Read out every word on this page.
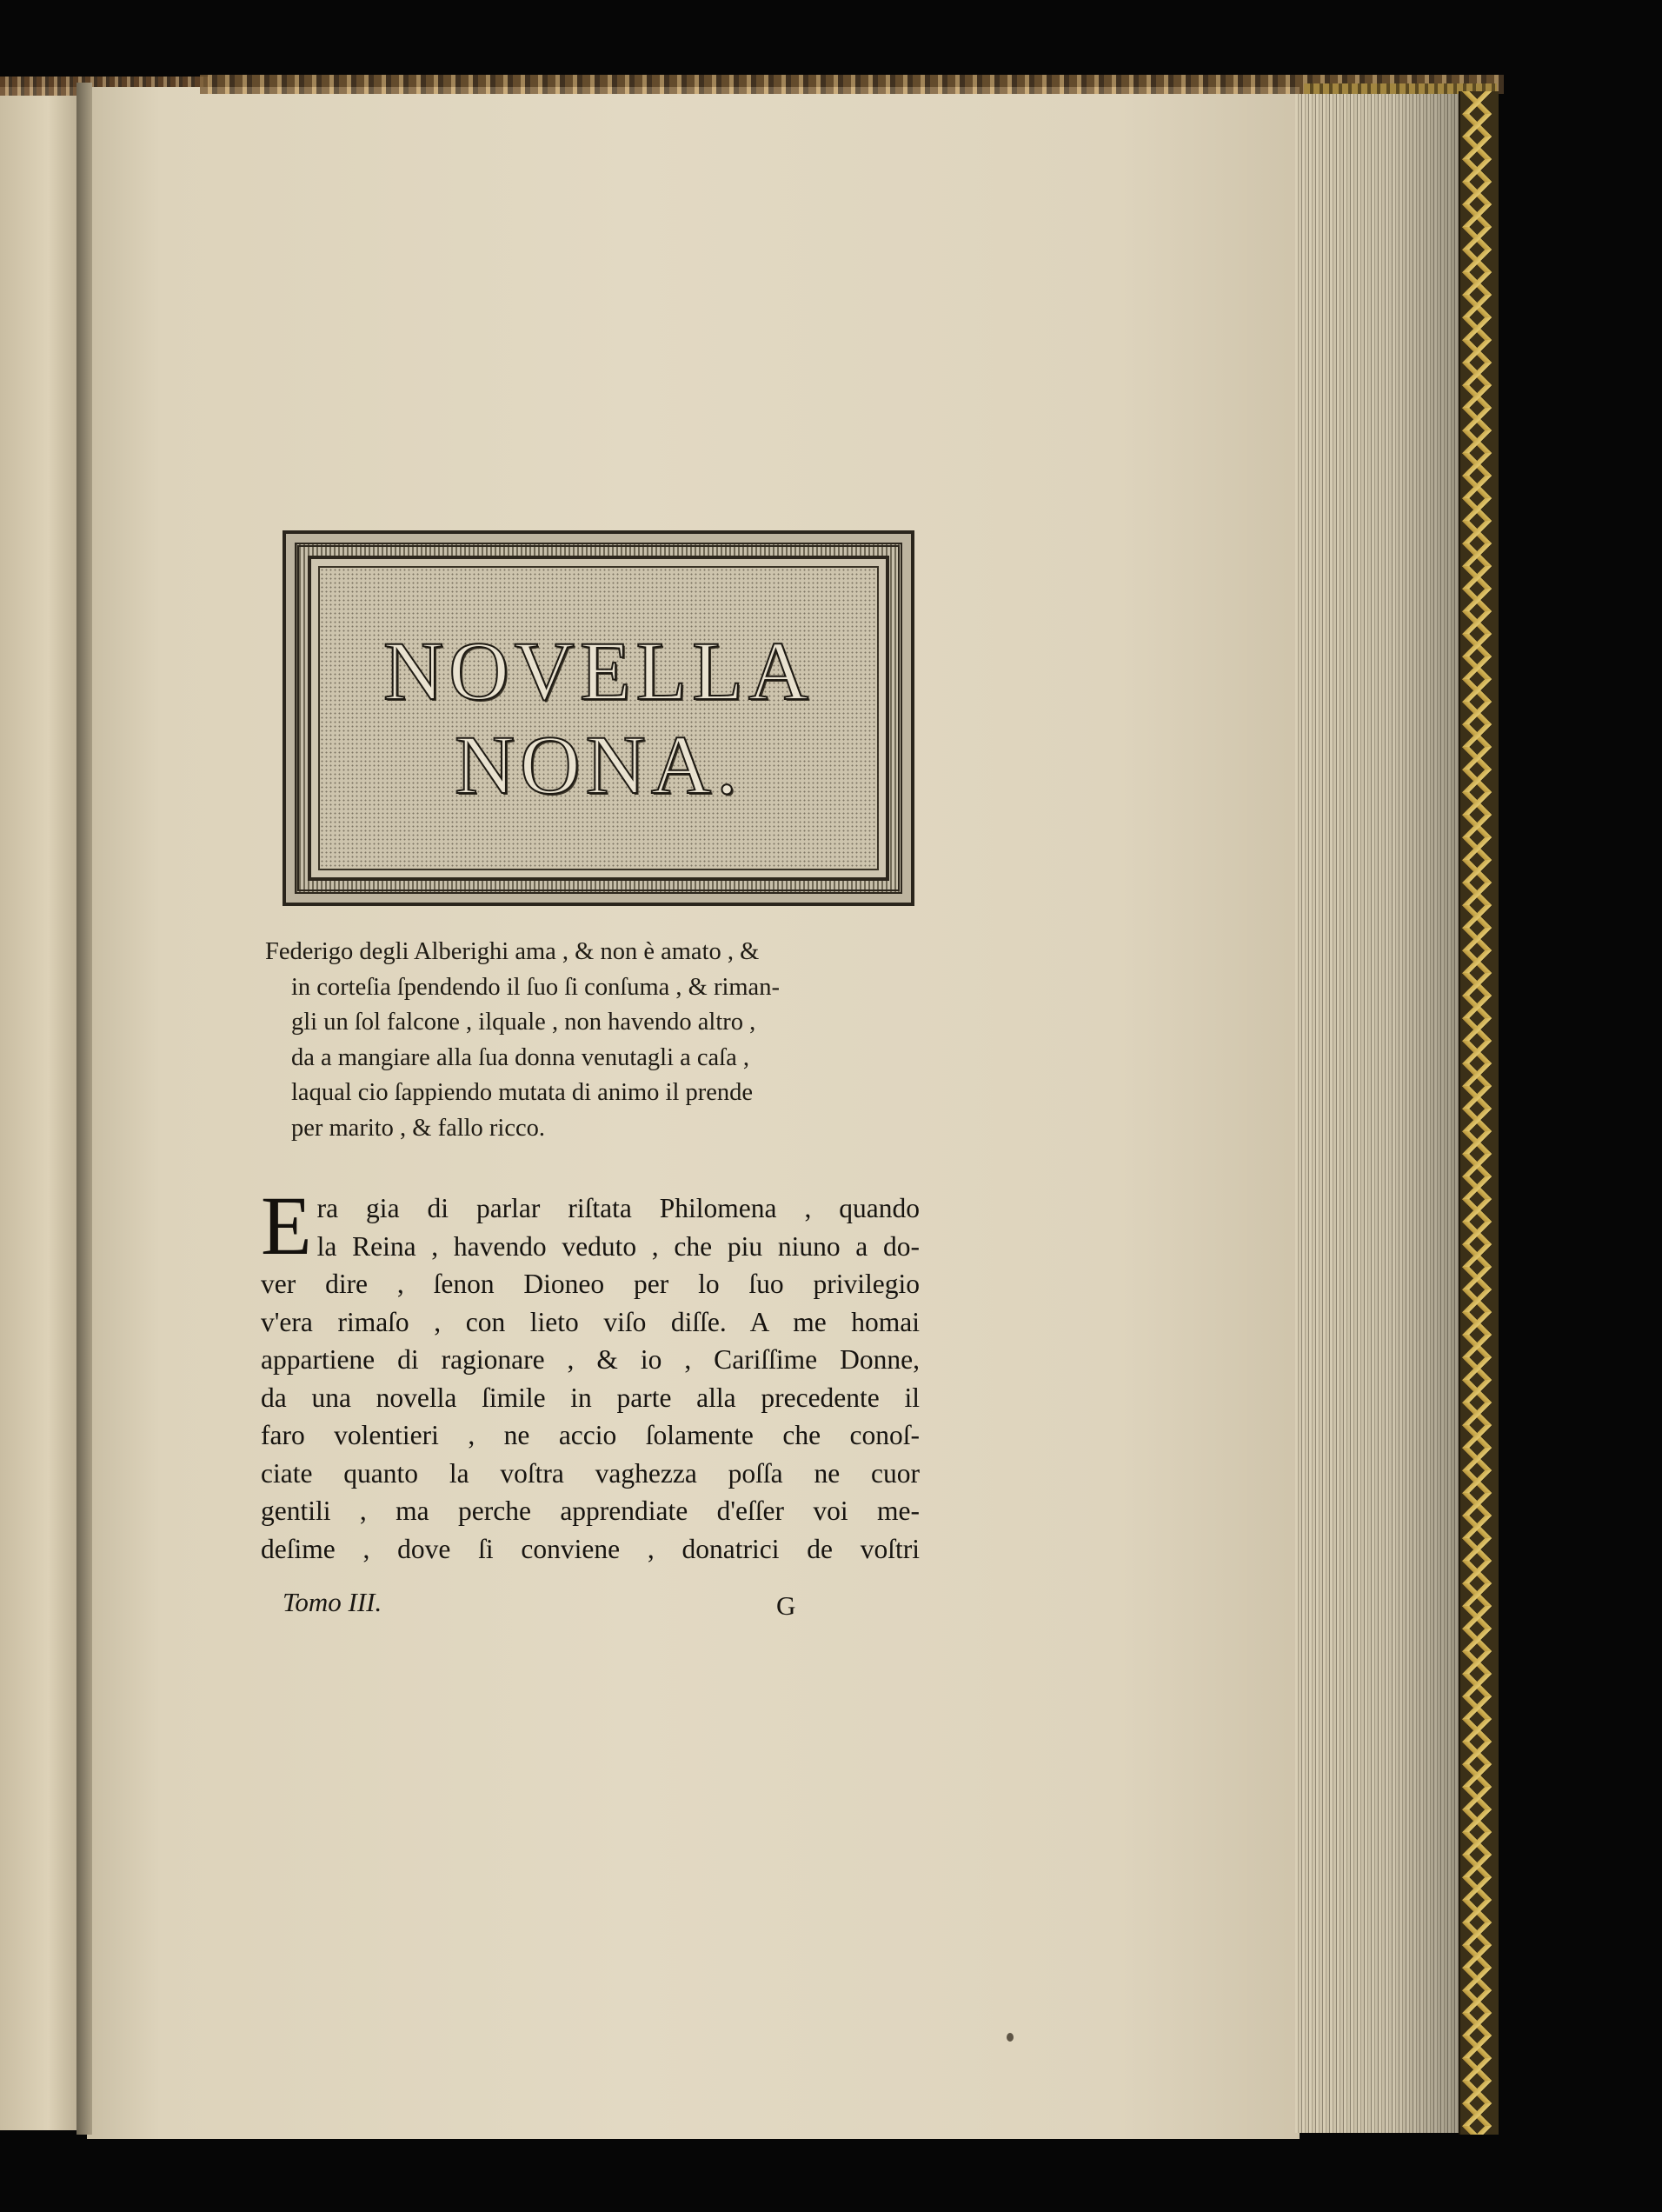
NOVELLA

NONA.

Federigo degli Alberighi ama , & non è amato , &
in corteſia ſpendendo il ſuo ſi conſuma , & riman-
gli un ſol falcone , ilquale , non havendo altro ,
da a mangiare alla ſua donna venutagli a caſa ,
laqual cio ſappiendo mutata di animo il prende
per marito , & fallo ricco.
E ra gia di parlar riſtata Philomena , quando
la Reina , havendo veduto , che piu niuno a do-
ver dire , ſenon Dioneo per lo ſuo privilegio
v'era rimaſo , con lieto viſo diſſe. A me homai
appartiene di ragionare , & io , Cariſſime Donne,
da una novella ſimile in parte alla precedente il
faro volentieri , ne accio ſolamente che conoſ-
ciate quanto la voſtra vaghezza poſſa ne cuor
gentili , ma perche apprendiate d'eſſer voi me-
deſime , dove ſi conviene , donatrici de voſtri
Tomo III.	G
